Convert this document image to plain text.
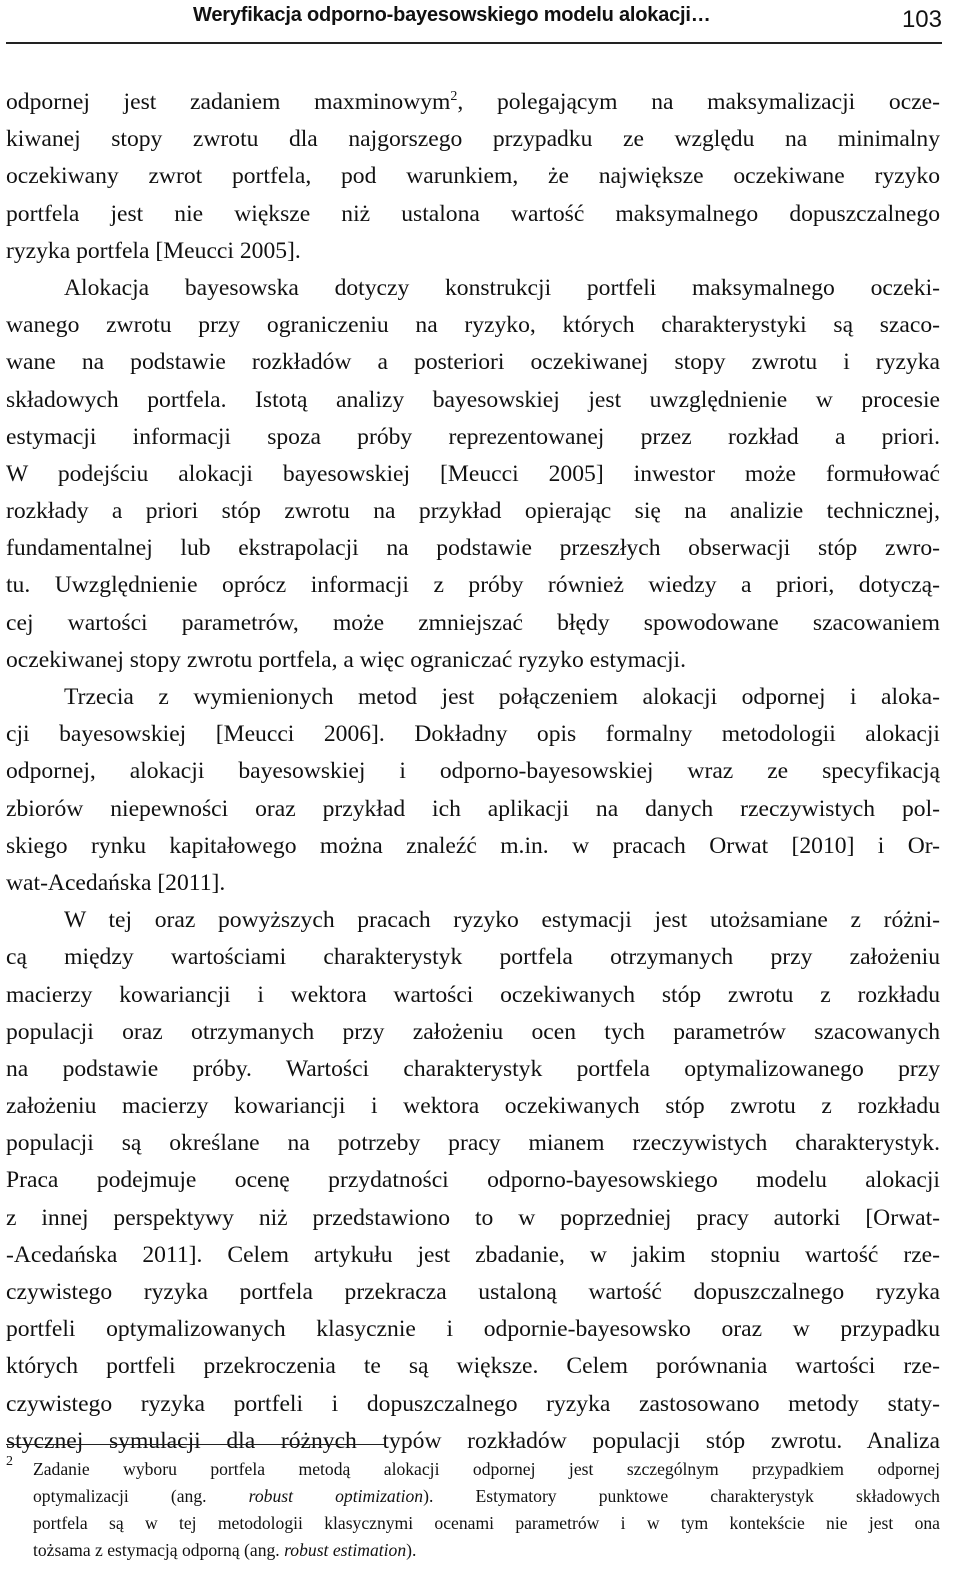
Weryfikacja odporno-bayesowskiego modelu alokacji…	103
odpornej jest zadaniem maxminowym$^2$, polegającym na maksymalizacji ocze-
kiwanej stopy zwrotu dla najgorszego przypadku ze względu na minimalny
oczekiwany zwrot portfela, pod warunkiem, że największe oczekiwane ryzyko
portfela jest nie większe niż ustalona wartość maksymalnego dopuszczalnego
ryzyka portfela [Meucci 2005].
Alokacja bayesowska dotyczy konstrukcji portfeli maksymalnego oczeki-
wanego zwrotu przy ograniczeniu na ryzyko, których charakterystyki są szaco-
wane na podstawie rozkładów a posteriori oczekiwanej stopy zwrotu i ryzyka
składowych portfela. Istotą analizy bayesowskiej jest uwzględnienie w procesie
estymacji informacji spoza próby reprezentowanej przez rozkład a priori.
W podejściu alokacji bayesowskiej [Meucci 2005] inwestor może formułować
rozkłady a priori stóp zwrotu na przykład opierając się na analizie technicznej,
fundamentalnej lub ekstrapolacji na podstawie przeszłych obserwacji stóp zwro-
tu. Uwzględnienie oprócz informacji z próby również wiedzy a priori, dotyczą-
cej wartości parametrów, może zmniejszać błędy spowodowane szacowaniem
oczekiwanej stopy zwrotu portfela, a więc ograniczać ryzyko estymacji.
Trzecia z wymienionych metod jest połączeniem alokacji odpornej i aloka-
cji bayesowskiej [Meucci 2006]. Dokładny opis formalny metodologii alokacji
odpornej, alokacji bayesowskiej i odporno-bayesowskiej wraz ze specyfikacją
zbiorów niepewności oraz przykład ich aplikacji na danych rzeczywistych pol-
skiego rynku kapitałowego można znaleźć m.in. w pracach Orwat [2010] i Or-
wat-Acedańska [2011].
W tej oraz powyższych pracach ryzyko estymacji jest utożsamiane z różni-
cą między wartościami charakterystyk portfela otrzymanych przy założeniu
macierzy kowariancji i wektora wartości oczekiwanych stóp zwrotu z rozkładu
populacji oraz otrzymanych przy założeniu ocen tych parametrów szacowanych
na podstawie próby. Wartości charakterystyk portfela optymalizowanego przy
założeniu macierzy kowariancji i wektora oczekiwanych stóp zwrotu z rozkładu
populacji są określane na potrzeby pracy mianem rzeczywistych charakterystyk.
Praca podejmuje ocenę przydatności odporno-bayesowskiego modelu alokacji
z innej perspektywy niż przedstawiono to w poprzedniej pracy autorki [Orwat-
-Acedańska 2011]. Celem artykułu jest zbadanie, w jakim stopniu wartość rze-
czywistego ryzyka portfela przekracza ustaloną wartość dopuszczalnego ryzyka
portfeli optymalizowanych klasycznie i odpornie-bayesowsko oraz w przypadku
których portfeli przekroczenia te są większe. Celem porównania wartości rze-
czywistego ryzyka portfeli i dopuszczalnego ryzyka zastosowano metody staty-
stycznej symulacji dla różnych typów rozkładów populacji stóp zwrotu. Analiza
2 Zadanie wyboru portfela metodą alokacji odpornej jest szczególnym przypadkiem odpornej
optymalizacji (ang. robust optimization). Estymatory punktowe charakterystyk składowych
portfela są w tej metodologii klasycznymi ocenami parametrów i w tym kontekście nie jest ona
tożsama z estymacją odporną (ang. robust estimation).
